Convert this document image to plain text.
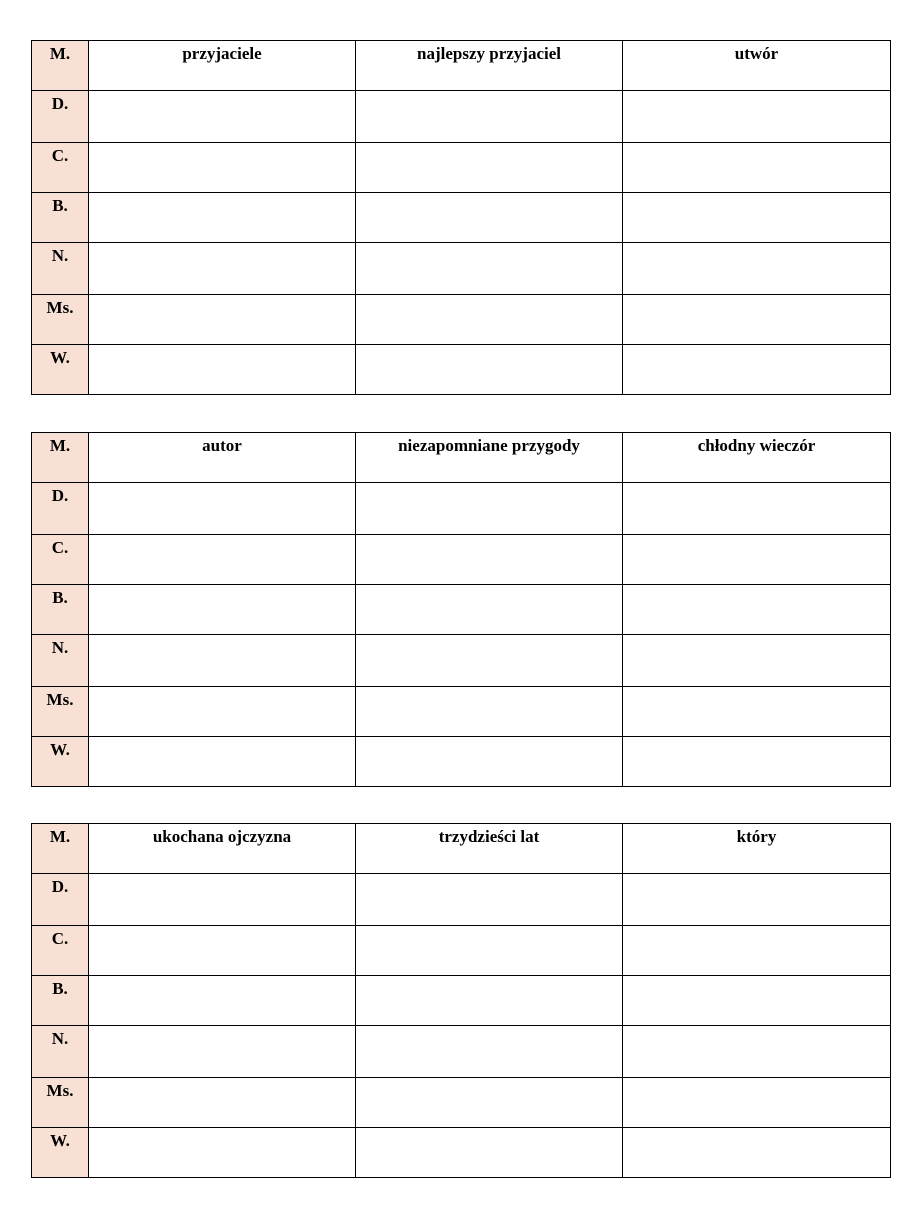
M.	przyjaciele	najlepszy przyjaciel	utwór
D.			
C.			
B.			
N.			
Ms.			
W.			
M.	autor	niezapomniane przygody	chłodny wieczór
D.			
C.			
B.			
N.			
Ms.			
W.			
M.	ukochana ojczyzna	trzydzieści lat	który
D.			
C.			
B.			
N.			
Ms.			
W.			
